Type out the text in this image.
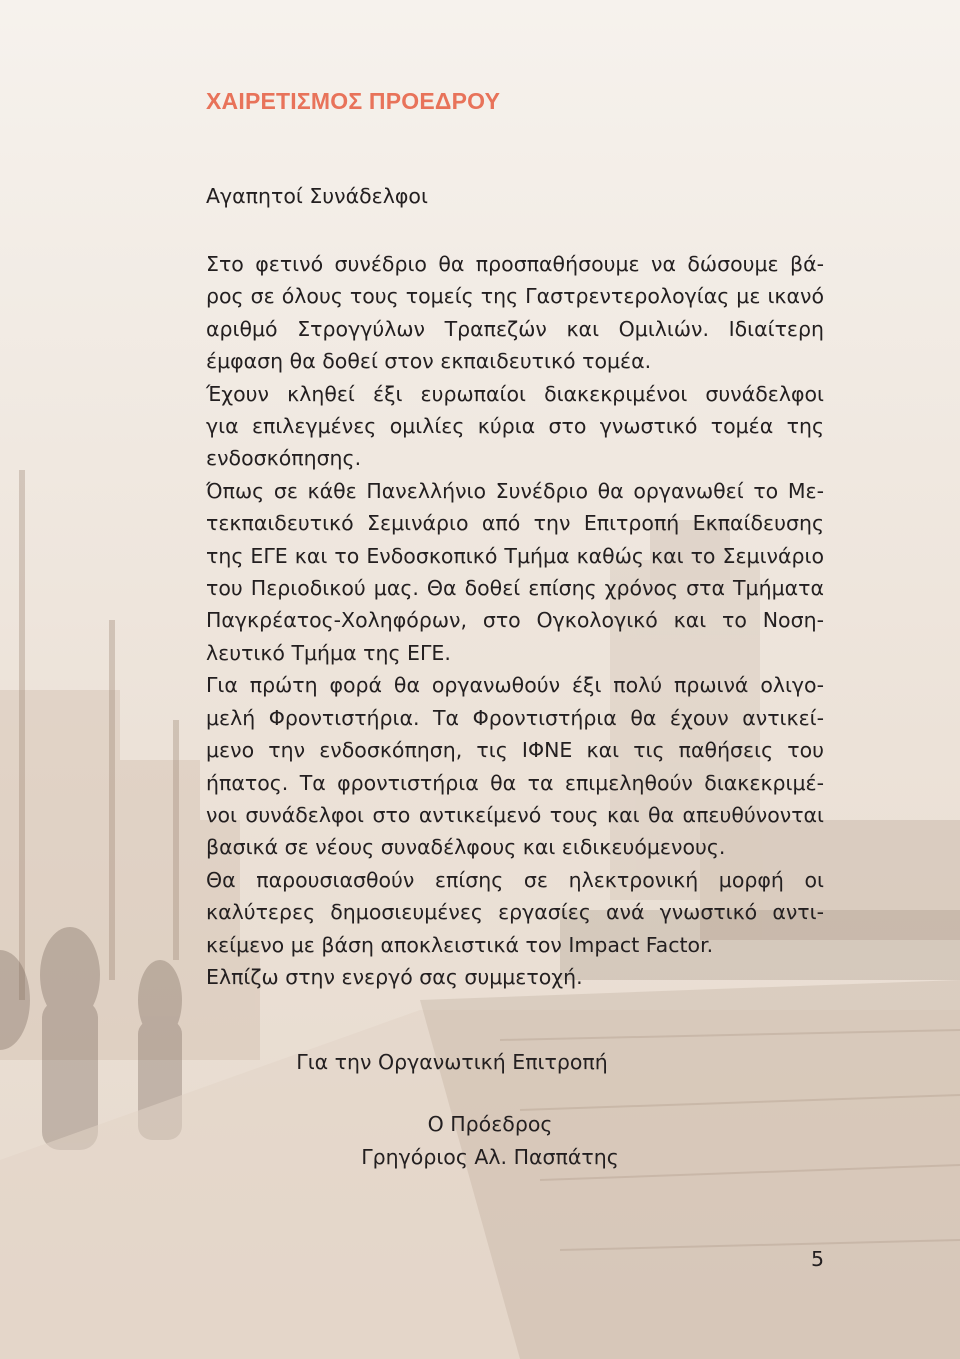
ΧΑΙΡΕΤΙΣΜΟΣ ΠΡΟΕΔΡΟΥ

Αγαπητοί Συνάδελφοι

Στο φετινό συνέδριο θα προσπαθήσουμε να δώσουμε βά-
ρος σε όλους τους τομείς της Γαστρεντερολογίας με ικανό
αριθμό Στρογγύλων Τραπεζών και Ομιλιών. Ιδιαίτερη
έμφαση θα δοθεί στον εκπαιδευτικό τομέα.
Έχουν κληθεί έξι ευρωπαίοι διακεκριμένοι συνάδελφοι
για επιλεγμένες ομιλίες κύρια στο γνωστικό τομέα της
ενδοσκόπησης.
Όπως σε κάθε Πανελλήνιο Συνέδριο θα οργανωθεί το Με-
τεκπαιδευτικό Σεμινάριο από την Επιτροπή Εκπαίδευσης
της ΕΓΕ και το Ενδοσκοπικό Τμήμα καθώς και το Σεμινάριο
του Περιοδικού μας. Θα δοθεί επίσης χρόνος στα Τμήματα
Παγκρέατος-Χοληφόρων, στο Ογκολογικό και το Νοση-
λευτικό Τμήμα της ΕΓΕ.
Για πρώτη φορά θα οργανωθούν έξι πολύ πρωινά ολιγο-
μελή Φροντιστήρια. Τα Φροντιστήρια θα έχουν αντικεί-
μενο την ενδοσκόπηση, τις ΙΦΝΕ και τις παθήσεις του
ήπατος. Τα φροντιστήρια θα τα επιμεληθούν διακεκριμέ-
νοι συνάδελφοι στο αντικείμενό τους και θα απευθύνονται
βασικά σε νέους συναδέλφους και ειδικευόμενους.
Θα παρουσιασθούν επίσης σε ηλεκτρονική μορφή οι
καλύτερες δημοσιευμένες εργασίες ανά γνωστικό αντι-
κείμενο με βάση αποκλειστικά τον Impact Factor.
Ελπίζω στην ενεργό σας συμμετοχή.
Για την Οργανωτική Επιτροπή
Ο Πρόεδρος
Γρηγόριος Αλ. Πασπάτης
5
